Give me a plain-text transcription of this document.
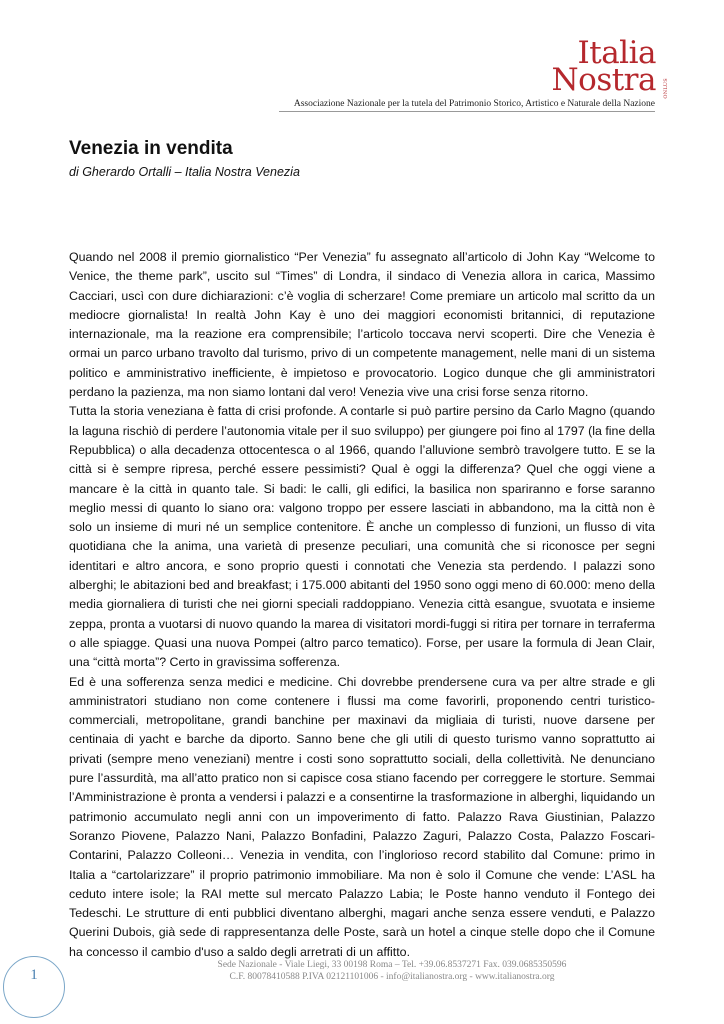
Italia
Nostra ONLUS
Associazione Nazionale per la tutela del Patrimonio Storico, Artistico e Naturale della Nazione
Venezia in vendita
di Gherardo Ortalli – Italia Nostra Venezia

Quando nel 2008 il premio giornalistico “Per Venezia” fu assegnato all’articolo di John Kay “Welcome to Venice, the theme park”, uscito sul “Times” di Londra, il sindaco di Venezia allora in carica, Massimo Cacciari, uscì con dure dichiarazioni: c’è voglia di scherzare! Come premiare un articolo mal scritto da un mediocre giornalista! In realtà John Kay è uno dei maggiori economisti britannici, di reputazione internazionale, ma la reazione era comprensibile; l’articolo toccava nervi scoperti. Dire che Venezia è ormai un parco urbano travolto dal turismo, privo di un competente management, nelle mani di un sistema politico e amministrativo inefficiente, è impietoso e provocatorio. Logico dunque che gli amministratori perdano la pazienza, ma non siamo lontani dal vero! Venezia vive una crisi forse senza ritorno.

Tutta la storia veneziana è fatta di crisi profonde. A contarle si può partire persino da Carlo Magno (quando la laguna rischiò di perdere l’autonomia vitale per il suo sviluppo) per giungere poi fino al 1797 (la fine della Repubblica) o alla decadenza ottocentesca o al 1966, quando l’alluvione sembrò travolgere tutto. E se la città si è sempre ripresa, perché essere pessimisti? Qual è oggi la differenza? Quel che oggi viene a mancare è la città in quanto tale. Si badi: le calli, gli edifici, la basilica non spariranno e forse saranno meglio messi di quanto lo siano ora: valgono troppo per essere lasciati in abbandono, ma la città non è solo un insieme di muri né un semplice contenitore. È anche un complesso di funzioni, un flusso di vita quotidiana che la anima, una varietà di presenze peculiari, una comunità che si riconosce per segni identitari e altro ancora, e sono proprio questi i connotati che Venezia sta perdendo. I palazzi sono alberghi; le abitazioni bed and breakfast; i 175.000 abitanti del 1950 sono oggi meno di 60.000: meno della media giornaliera di turisti che nei giorni speciali raddoppiano. Venezia città esangue, svuotata e insieme zeppa, pronta a vuotarsi di nuovo quando la marea di visitatori mordi-fuggi si ritira per tornare in terraferma o alle spiagge. Quasi una nuova Pompei (altro parco tematico). Forse, per usare la formula di Jean Clair, una “città morta”? Certo in gravissima sofferenza.

Ed è una sofferenza senza medici e medicine. Chi dovrebbe prendersene cura va per altre strade e gli amministratori studiano non come contenere i flussi ma come favorirli, proponendo centri turistico-commerciali, metropolitane, grandi banchine per maxinavi da migliaia di turisti, nuove darsene per centinaia di yacht e barche da diporto. Sanno bene che gli utili di questo turismo vanno soprattutto ai privati (sempre meno veneziani) mentre i costi sono soprattutto sociali, della collettività. Ne denunciano pure l’assurdità, ma all’atto pratico non si capisce cosa stiano facendo per correggere le storture. Semmai l’Amministrazione è pronta a vendersi i palazzi e a consentirne la trasformazione in alberghi, liquidando un patrimonio accumulato negli anni con un impoverimento di fatto. Palazzo Rava Giustinian, Palazzo Soranzo Piovene, Palazzo Nani, Palazzo Bonfadini, Palazzo Zaguri, Palazzo Costa, Palazzo Foscari-Contarini, Palazzo Colleoni… Venezia in vendita, con l’inglorioso record stabilito dal Comune: primo in Italia a “cartolarizzare” il proprio patrimonio immobiliare. Ma non è solo il Comune che vende: L’ASL ha ceduto intere isole; la RAI mette sul mercato Palazzo Labia; le Poste hanno venduto il Fontego dei Tedeschi. Le strutture di enti pubblici diventano alberghi, magari anche senza essere venduti, e Palazzo Querini Dubois, già sede di rappresentanza delle Poste, sarà un hotel a cinque stelle dopo che il Comune ha concesso il cambio d'uso a saldo degli arretrati di un affitto.

1
Sede Nazionale - Viale Liegi, 33 00198 Roma – Tel. +39.06.8537271 Fax. 039.0685350596
C.F. 80078410588 P.IVA 02121101006 - info@italianostra.org - www.italianostra.org
